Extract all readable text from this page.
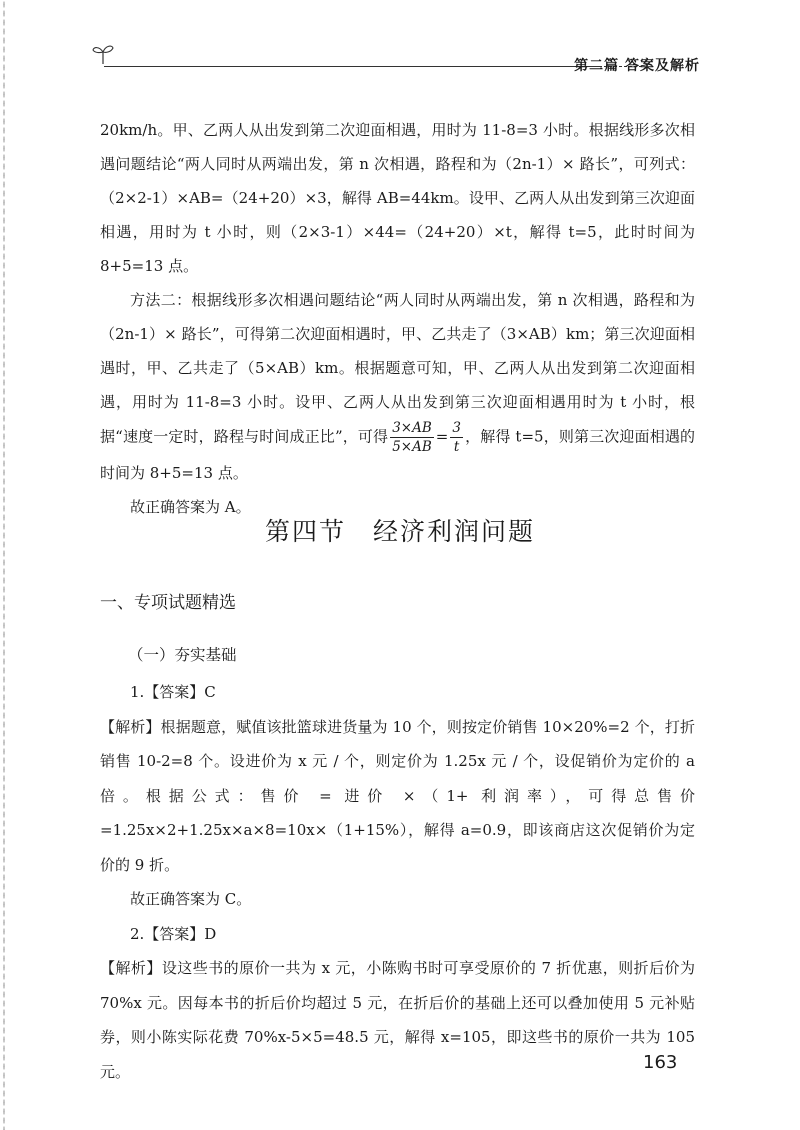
第二篇 答案及解析

20km/h。甲、乙两人从出发到第二次迎面相遇，用时为 11-8=3 小时。根据线形多次相遇问题结论“两人同时从两端出发，第 n 次相遇，路程和为（2n-1）× 路长”，可列式：（2×2-1）×AB=（24+20）×3，解得 AB=44km。设甲、乙两人从出发到第三次迎面相遇，用时为 t 小时，则（2×3-1）×44=（24+20）×t，解得 t=5，此时时间为 8+5=13 点。

方法二：根据线形多次相遇问题结论“两人同时从两端出发，第 n 次相遇，路程和为（2n-1）× 路长”，可得第二次迎面相遇时，甲、乙共走了（3×AB）km；第三次迎面相遇时，甲、乙共走了（5×AB）km。根据题意可知，甲、乙两人从出发到第二次迎面相遇，用时为 11-8=3 小时。设甲、乙两人从出发到第三次迎面相遇用时为 t 小时，根据“速度一定时，路程与时间成正比”，可得 $\frac{3\times AB}{5\times AB} = \frac{3}{t}$ ，解得 t=5，则第三次迎面相遇的时间为 8+5=13 点。

故正确答案为 A。

第四节　经济利润问题
一、专项试题精选
（一）夯实基础

1.【答案】C

【解析】根据题意，赋值该批篮球进货量为 10 个，则按定价销售 10×20%=2 个，打折销售 10-2=8 个。设进价为 x 元 / 个，则定价为 1.25x 元 / 个，设促销价为定价的 a 倍。根据公式：售价 = 进价 ×（1+ 利润率），可得总售价 =1.25x×2+1.25x×a×8=10x×（1+15%），解得 a=0.9，即该商店这次促销价为定价的 9 折。

故正确答案为 C。

2.【答案】D

【解析】设这些书的原价一共为 x 元，小陈购书时可享受原价的 7 折优惠，则折后价为 70%x 元。因每本书的折后价均超过 5 元，在折后价的基础上还可以叠加使用 5 元补贴券，则小陈实际花费 70%x-5×5=48.5 元，解得 x=105，即这些书的原价一共为 105 元。	163
